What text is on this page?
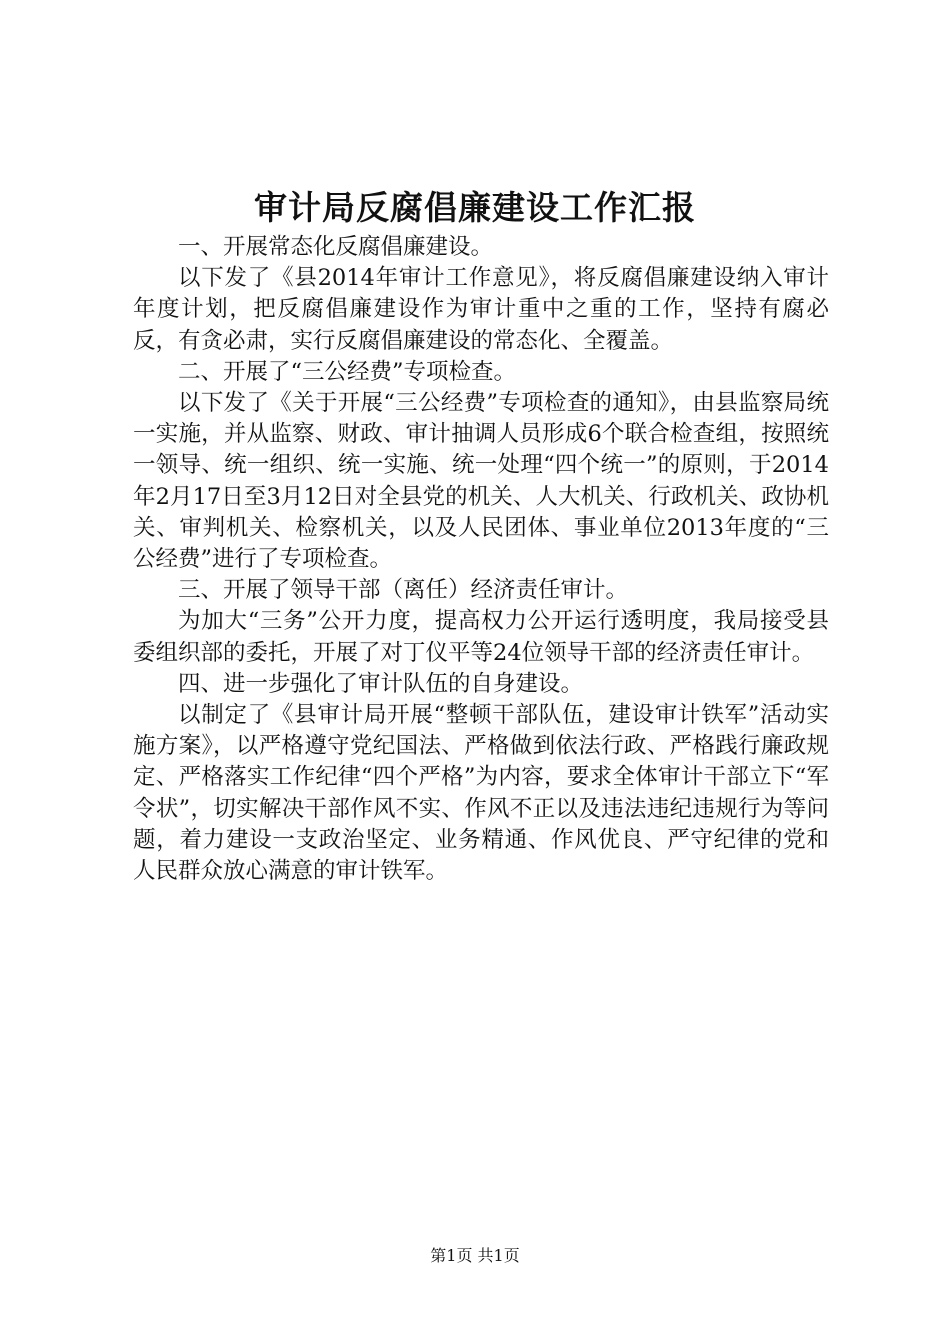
审计局反腐倡廉建设工作汇报

一、开展常态化反腐倡廉建设。

以下发了《县2014年审计工作意见》，将反腐倡廉建设纳入审计年度计划，把反腐倡廉建设作为审计重中之重的工作，坚持有腐必反，有贪必肃，实行反腐倡廉建设的常态化、全覆盖。

二、开展了“三公经费”专项检查。

以下发了《关于开展“三公经费”专项检查的通知》，由县监察局统一实施，并从监察、财政、审计抽调人员形成6个联合检查组，按照统一领导、统一组织、统一实施、统一处理“四个统一”的原则，于2014年2月17日至3月12日对全县党的机关、人大机关、行政机关、政协机关、审判机关、检察机关，以及人民团体、事业单位2013年度的“三公经费”进行了专项检查。

三、开展了领导干部（离任）经济责任审计。

为加大“三务”公开力度，提高权力公开运行透明度，我局接受县委组织部的委托，开展了对丁仪平等24位领导干部的经济责任审计。

四、进一步强化了审计队伍的自身建设。

以制定了《县审计局开展“整顿干部队伍，建设审计铁军”活动实施方案》，以严格遵守党纪国法、严格做到依法行政、严格践行廉政规定、严格落实工作纪律“四个严格”为内容，要求全体审计干部立下“军令状”，切实解决干部作风不实、作风不正以及违法违纪违规行为等问题，着力建设一支政治坚定、业务精通、作风优良、严守纪律的党和人民群众放心满意的审计铁军。

第1页 共1页
